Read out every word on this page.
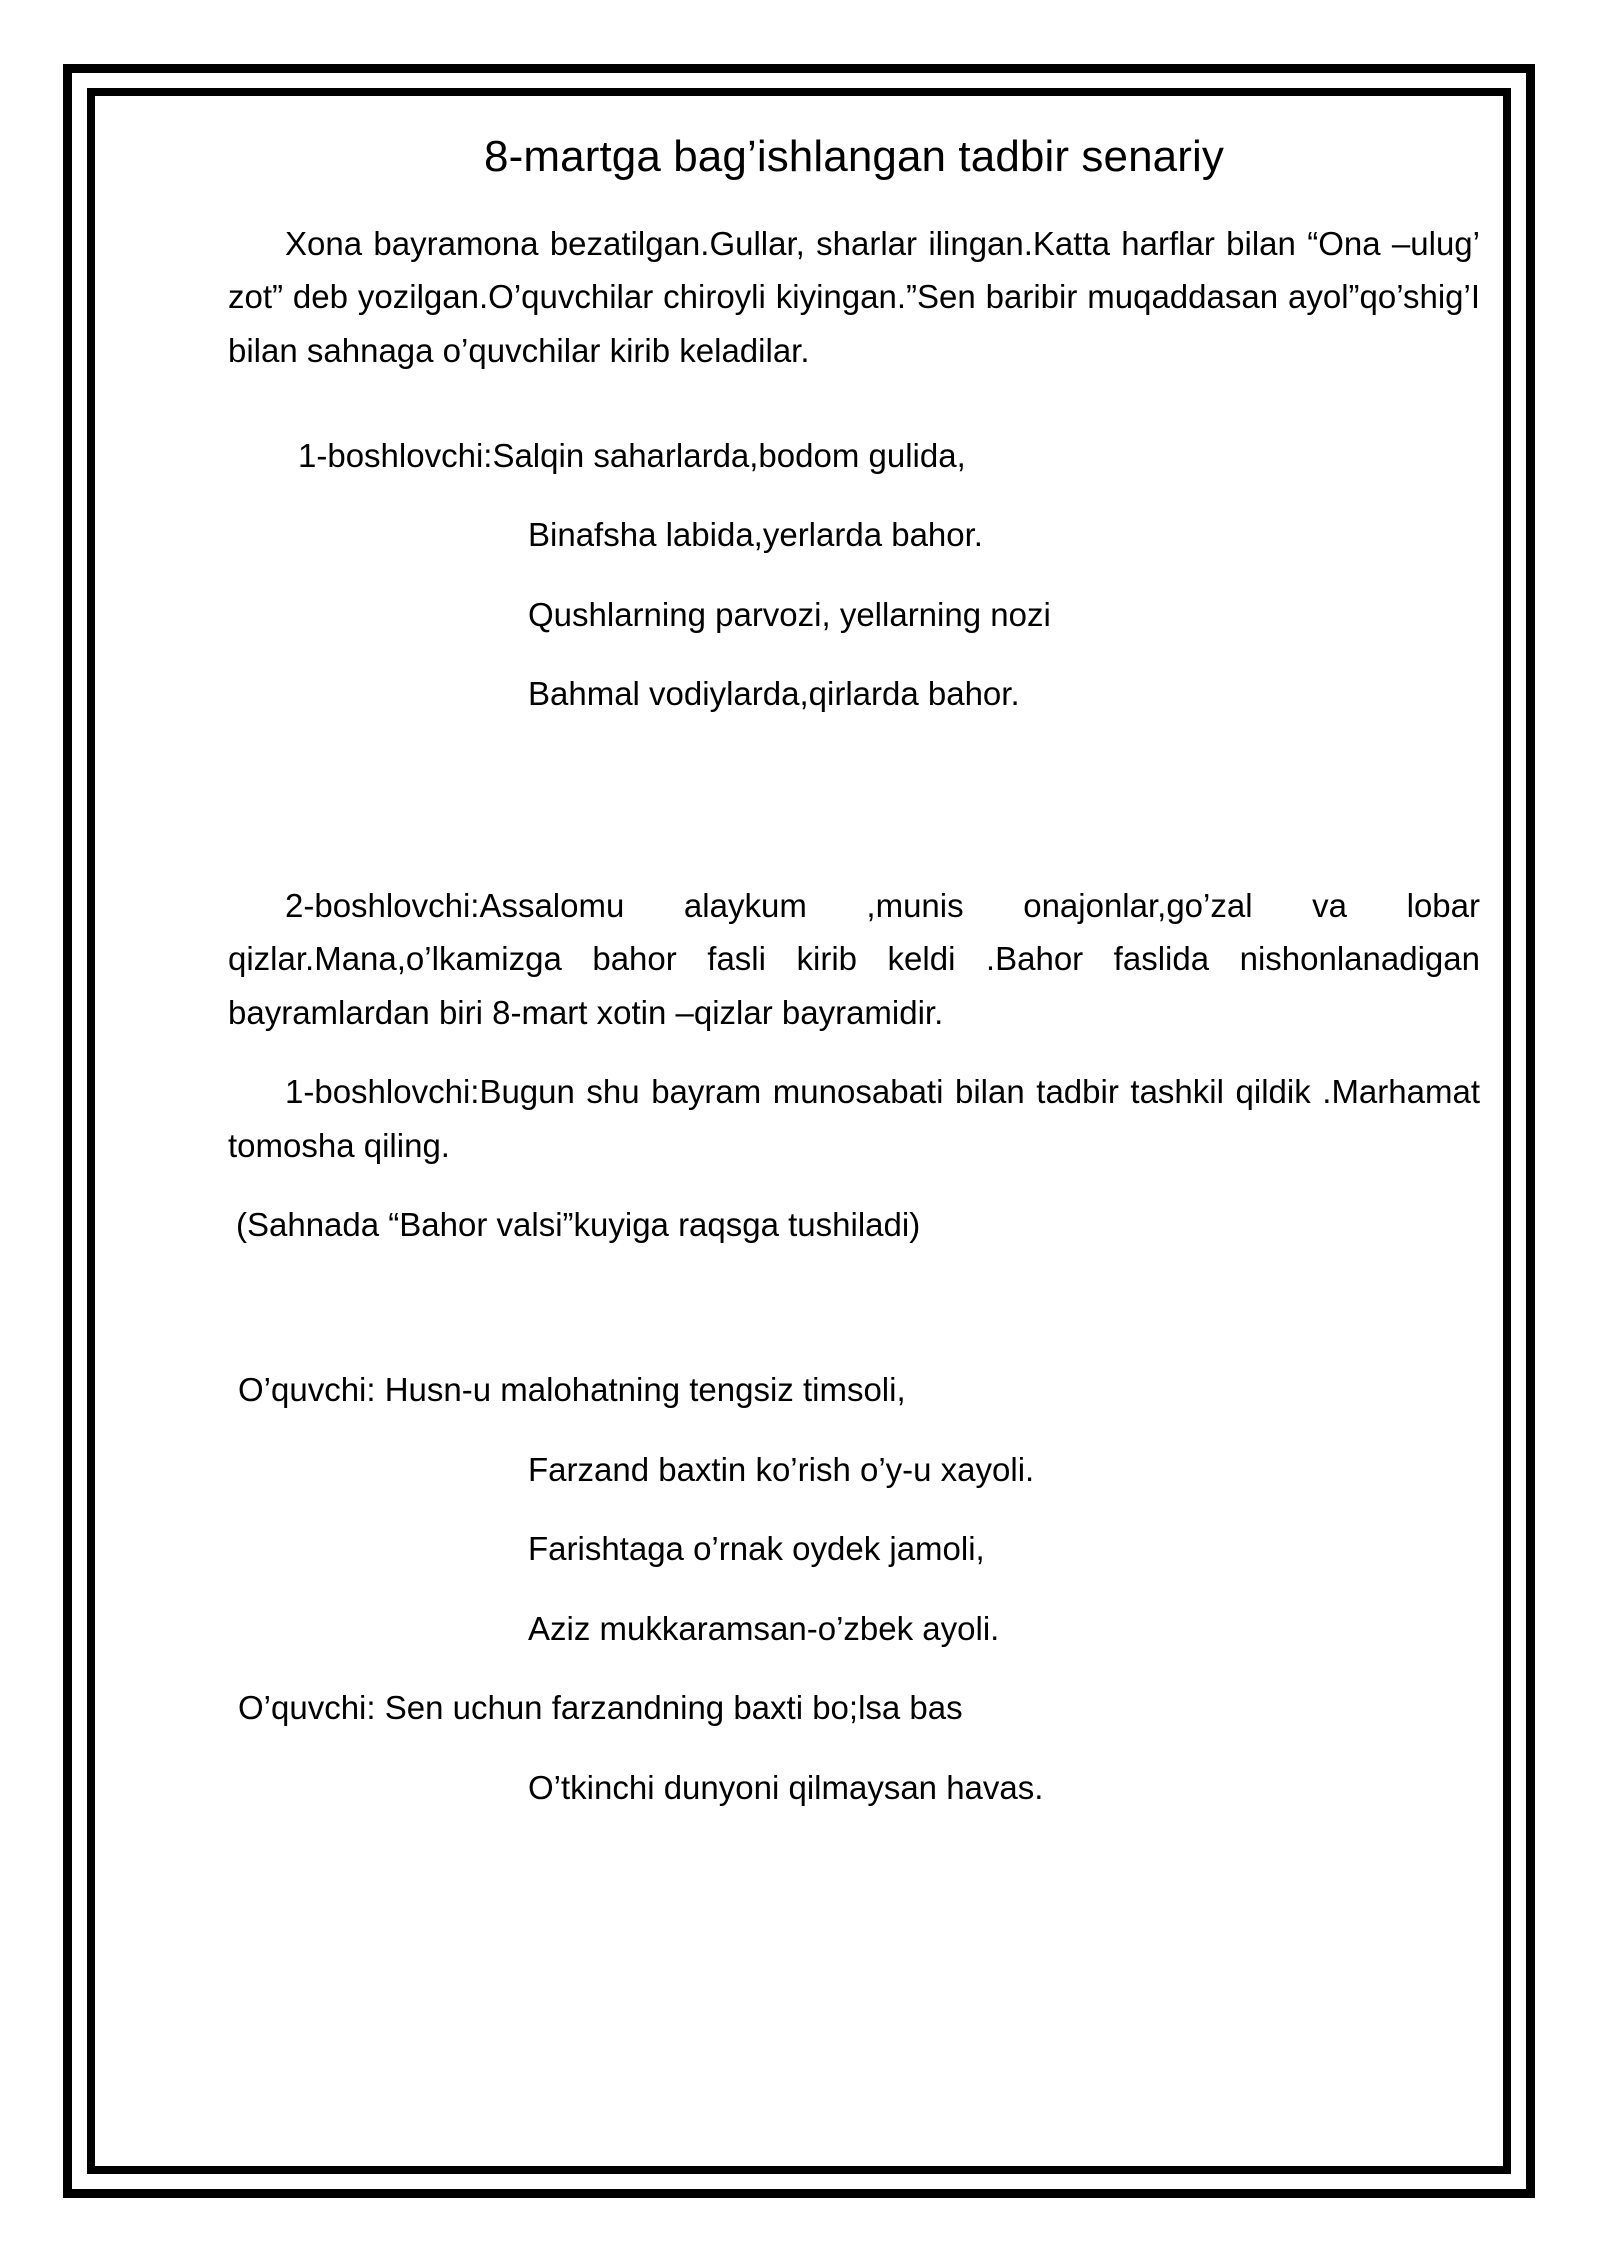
8-martga bag’ishlangan tadbir senariy

Xona bayramona bezatilgan.Gullar, sharlar ilingan.Katta harflar bilan “Ona –ulug’ zot” deb yozilgan.O’quvchilar chiroyli kiyingan.”Sen baribir muqaddasan ayol”qo’shig’I bilan sahnaga o’quvchilar kirib keladilar.

1-boshlovchi:Salqin saharlarda,bodom gulida,

Binafsha labida,yerlarda bahor.

Qushlarning parvozi, yellarning nozi

Bahmal vodiylarda,qirlarda bahor.

2-boshlovchi:Assalomu alaykum ,munis onajonlar,go’zal va lobar qizlar.Mana,o’lkamizga bahor fasli kirib keldi .Bahor faslida nishonlanadigan bayramlardan biri 8-mart xotin –qizlar bayramidir.

1-boshlovchi:Bugun shu bayram munosabati bilan tadbir tashkil qildik .Marhamat tomosha qiling.

(Sahnada “Bahor valsi”kuyiga raqsga tushiladi)

O’quvchi: Husn-u malohatning tengsiz timsoli,

Farzand baxtin ko’rish o’y-u xayoli.

Farishtaga o’rnak oydek jamoli,

Aziz mukkaramsan-o’zbek ayoli.

O’quvchi: Sen uchun farzandning baxti bo;lsa bas

O’tkinchi dunyoni qilmaysan havas.
